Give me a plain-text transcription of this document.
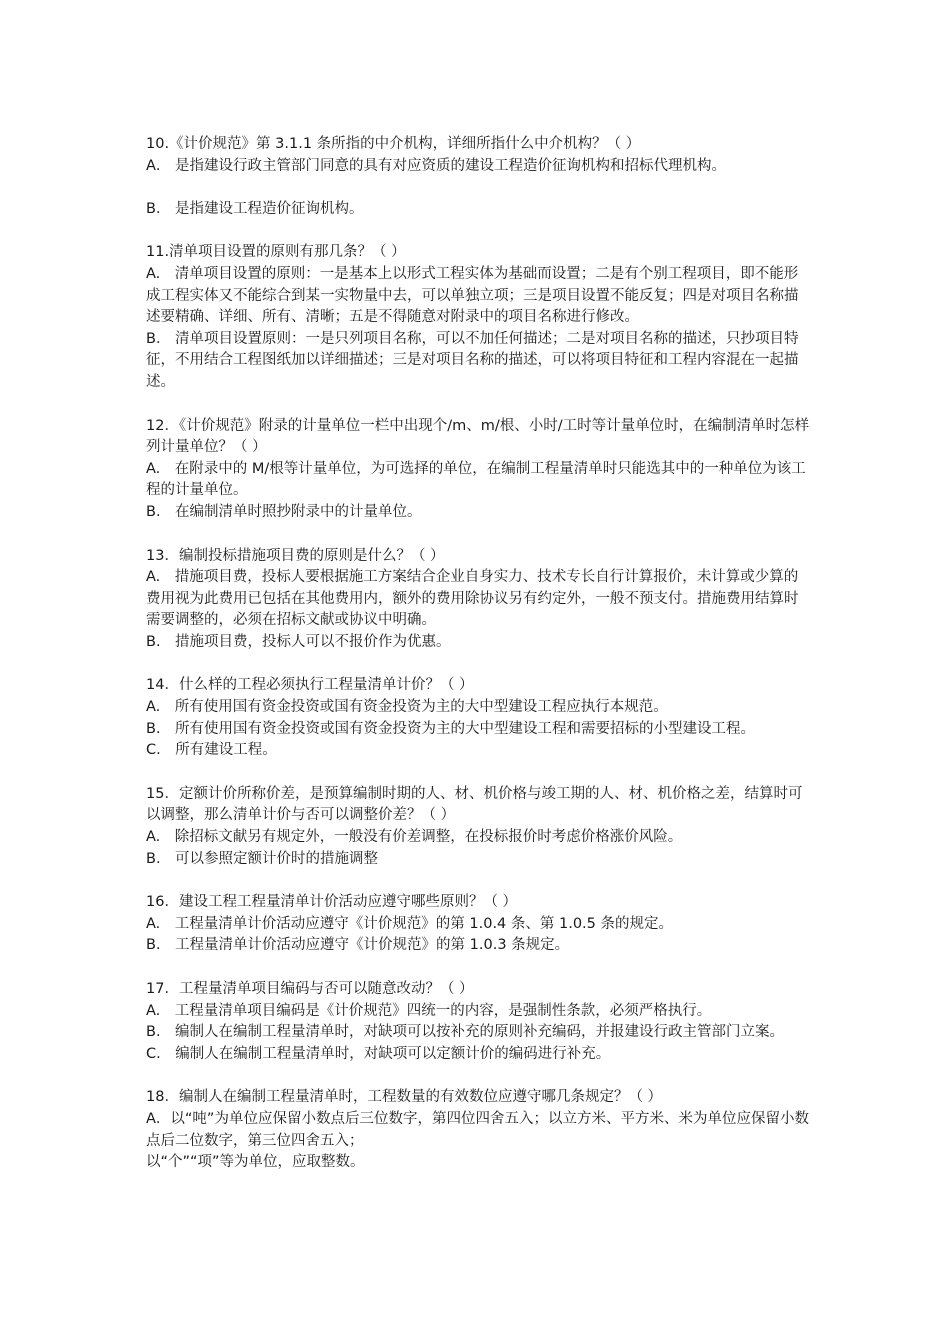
10.《计价规范》第 3.1.1 条所指的中介机构，详细所指什么中介机构？（ ）
A． 是指建设行政主管部门同意的具有对应资质的建设工程造价征询机构和招标代理机构。
B． 是指建设工程造价征询机构。
11.清单项目设置的原则有那几条？（ ）
A.　清单项目设置的原则：一是基本上以形式工程实体为基础而设置；二是有个别工程项目，即不能形成工程实体又不能综合到某一实物量中去，可以单独立项；三是项目设置不能反复；四是对项目名称描述要精确、详细、所有、清晰；五是不得随意对附录中的项目名称进行修改。
B． 清单项目设置原则：一是只列项目名称，可以不加任何描述；二是对项目名称的描述，只抄项目特征，不用结合工程图纸加以详细描述；三是对项目名称的描述，可以将项目特征和工程内容混在一起描述。
12．《计价规范》附录的计量单位一栏中出现个/m、m/根、小时/工时等计量单位时，在编制清单时怎样列计量单位？（ ）
A.　在附录中的 M/根等计量单位，为可选择的单位，在编制工程量清单时只能选其中的一种单位为该工程的计量单位。
B.　在编制清单时照抄附录中的计量单位。
13．编制投标措施项目费的原则是什么？（ ）
A.　措施项目费，投标人要根据施工方案结合企业自身实力、技术专长自行计算报价，未计算或少算的费用视为此费用已包括在其他费用内，额外的费用除协议另有约定外，一般不预支付。措施费用结算时需要调整的，必须在招标文献或协议中明确。
B.　措施项目费，投标人可以不报价作为优惠。
14．什么样的工程必须执行工程量清单计价？（ ）
A.　所有使用国有资金投资或国有资金投资为主的大中型建设工程应执行本规范。
B.　所有使用国有资金投资或国有资金投资为主的大中型建设工程和需要招标的小型建设工程。
C.　所有建设工程。
15．定额计价所称价差，是预算编制时期的人、材、机价格与竣工期的人、材、机价格之差，结算时可以调整，那么清单计价与否可以调整价差？（ ）
A.　除招标文献另有规定外，一般没有价差调整，在投标报价时考虑价格涨价风险。
B.　可以参照定额计价时的措施调整
16．建设工程工程量清单计价活动应遵守哪些原则？（ ）
A.　工程量清单计价活动应遵守《计价规范》的第 1.0.4 条、第 1.0.5 条的规定。
B.　工程量清单计价活动应遵守《计价规范》的第 1.0.3 条规定。
17．工程量清单项目编码与否可以随意改动？（ ）
A.　工程量清单项目编码是《计价规范》四统一的内容，是强制性条款，必须严格执行。
B.　编制人在编制工程量清单时，对缺项可以按补充的原则补充编码，并报建设行政主管部门立案。
C.　编制人在编制工程量清单时，对缺项可以定额计价的编码进行补充。
18．编制人在编制工程量清单时，工程数量的有效数位应遵守哪几条规定？（ ）
A．以“吨”为单位应保留小数点后三位数字，第四位四舍五入；以立方米、平方米、米为单位应保留小数点后二位数字，第三位四舍五入；
以“个”“项”等为单位，应取整数。
